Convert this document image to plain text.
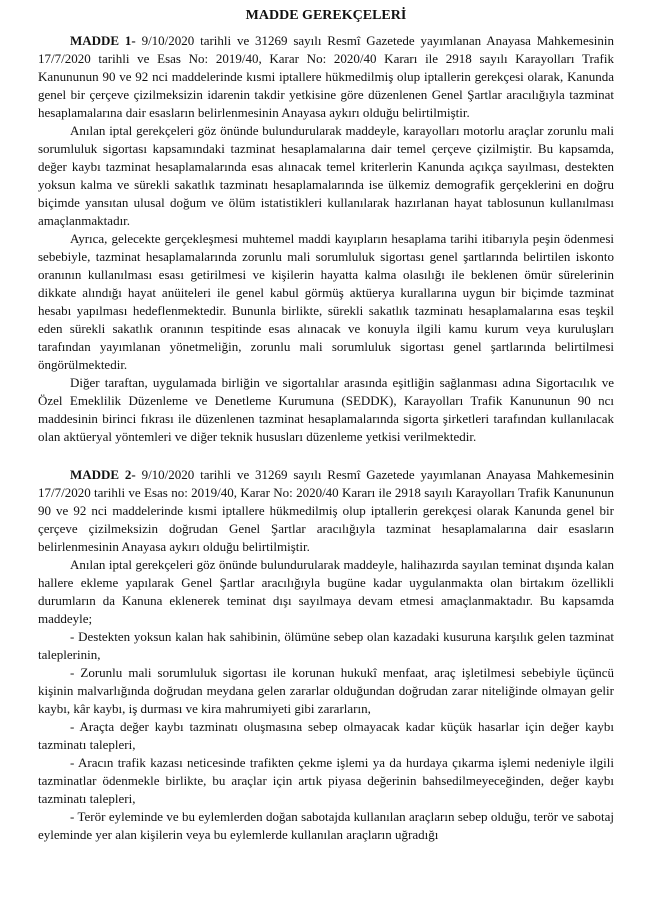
MADDE GEREKÇELERİ

MADDE 1- 9/10/2020 tarihli ve 31269 sayılı Resmî Gazetede yayımlanan Anayasa Mahkemesinin 17/7/2020 tarihli ve Esas No: 2019/40, Karar No: 2020/40 Kararı ile 2918 sayılı Karayolları Trafik Kanununun 90 ve 92 nci maddelerinde kısmi iptallere hükmedilmiş olup iptallerin gerekçesi olarak, Kanunda genel bir çerçeve çizilmeksizin idarenin takdir yetkisine göre düzenlenen Genel Şartlar aracılığıyla tazminat hesaplamalarına dair esasların belirlenmesinin Anayasa aykırı olduğu belirtilmiştir.

Anılan iptal gerekçeleri göz önünde bulundurularak maddeyle, karayolları motorlu araçlar zorunlu mali sorumluluk sigortası kapsamındaki tazminat hesaplamalarına dair temel çerçeve çizilmiştir. Bu kapsamda, değer kaybı tazminat hesaplamalarında esas alınacak temel kriterlerin Kanunda açıkça sayılması, destekten yoksun kalma ve sürekli sakatlık tazminatı hesaplamalarında ise ülkemiz demografik gerçeklerini en doğru biçimde yansıtan ulusal doğum ve ölüm istatistikleri kullanılarak hazırlanan hayat tablosunun kullanılması amaçlanmaktadır.

Ayrıca, gelecekte gerçekleşmesi muhtemel maddi kayıpların hesaplama tarihi itibarıyla peşin ödenmesi sebebiyle, tazminat hesaplamalarında zorunlu mali sorumluluk sigortası genel şartlarında belirtilen iskonto oranının kullanılması esası getirilmesi ve kişilerin hayatta kalma olasılığı ile beklenen ömür sürelerinin dikkate alındığı hayat anüiteleri ile genel kabul görmüş aktüerya kurallarına uygun bir biçimde tazminat hesabı yapılması hedeflenmektedir. Bununla birlikte, sürekli sakatlık tazminatı hesaplamalarına esas teşkil eden sürekli sakatlık oranının tespitinde esas alınacak ve konuyla ilgili kamu kurum veya kuruluşları tarafından yayımlanan yönetmeliğin, zorunlu mali sorumluluk sigortası genel şartlarında belirtilmesi öngörülmektedir.

Diğer taraftan, uygulamada birliğin ve sigortalılar arasında eşitliğin sağlanması adına Sigortacılık ve Özel Emeklilik Düzenleme ve Denetleme Kurumuna (SEDDK), Karayolları Trafik Kanununun 90 ncı maddesinin birinci fıkrası ile düzenlenen tazminat hesaplamalarında sigorta şirketleri tarafından kullanılacak olan aktüeryal yöntemleri ve diğer teknik hususları düzenleme yetkisi verilmektedir.

MADDE 2- 9/10/2020 tarihli ve 31269 sayılı Resmî Gazetede yayımlanan Anayasa Mahkemesinin 17/7/2020 tarihli ve Esas no: 2019/40, Karar No: 2020/40 Kararı ile 2918 sayılı Karayolları Trafik Kanununun 90 ve 92 nci maddelerinde kısmi iptallere hükmedilmiş olup iptallerin gerekçesi olarak Kanunda genel bir çerçeve çizilmeksizin doğrudan Genel Şartlar aracılığıyla tazminat hesaplamalarına dair esasların belirlenmesinin Anayasa aykırı olduğu belirtilmiştir.

Anılan iptal gerekçeleri göz önünde bulundurularak maddeyle, halihazırda sayılan teminat dışında kalan hallere ekleme yapılarak Genel Şartlar aracılığıyla bugüne kadar uygulanmakta olan birtakım özellikli durumların da Kanuna eklenerek teminat dışı sayılmaya devam etmesi amaçlanmaktadır. Bu kapsamda maddeyle;

- Destekten yoksun kalan hak sahibinin, ölümüne sebep olan kazadaki kusuruna karşılık gelen tazminat taleplerinin,

- Zorunlu mali sorumluluk sigortası ile korunan hukukî menfaat, araç işletilmesi sebebiyle üçüncü kişinin malvarlığında doğrudan meydana gelen zararlar olduğundan doğrudan zarar niteliğinde olmayan gelir kaybı, kâr kaybı, iş durması ve kira mahrumiyeti gibi zararların,

- Araçta değer kaybı tazminatı oluşmasına sebep olmayacak kadar küçük hasarlar için değer kaybı tazminatı talepleri,

- Aracın trafik kazası neticesinde trafikten çekme işlemi ya da hurdaya çıkarma işlemi nedeniyle ilgili tazminatlar ödenmekle birlikte, bu araçlar için artık piyasa değerinin bahsedilmeyeceğinden, değer kaybı tazminatı talepleri,

- Terör eyleminde ve bu eylemlerden doğan sabotajda kullanılan araçların sebep olduğu, terör ve sabotaj eyleminde yer alan kişilerin veya bu eylemlerde kullanılan araçların uğradığı
